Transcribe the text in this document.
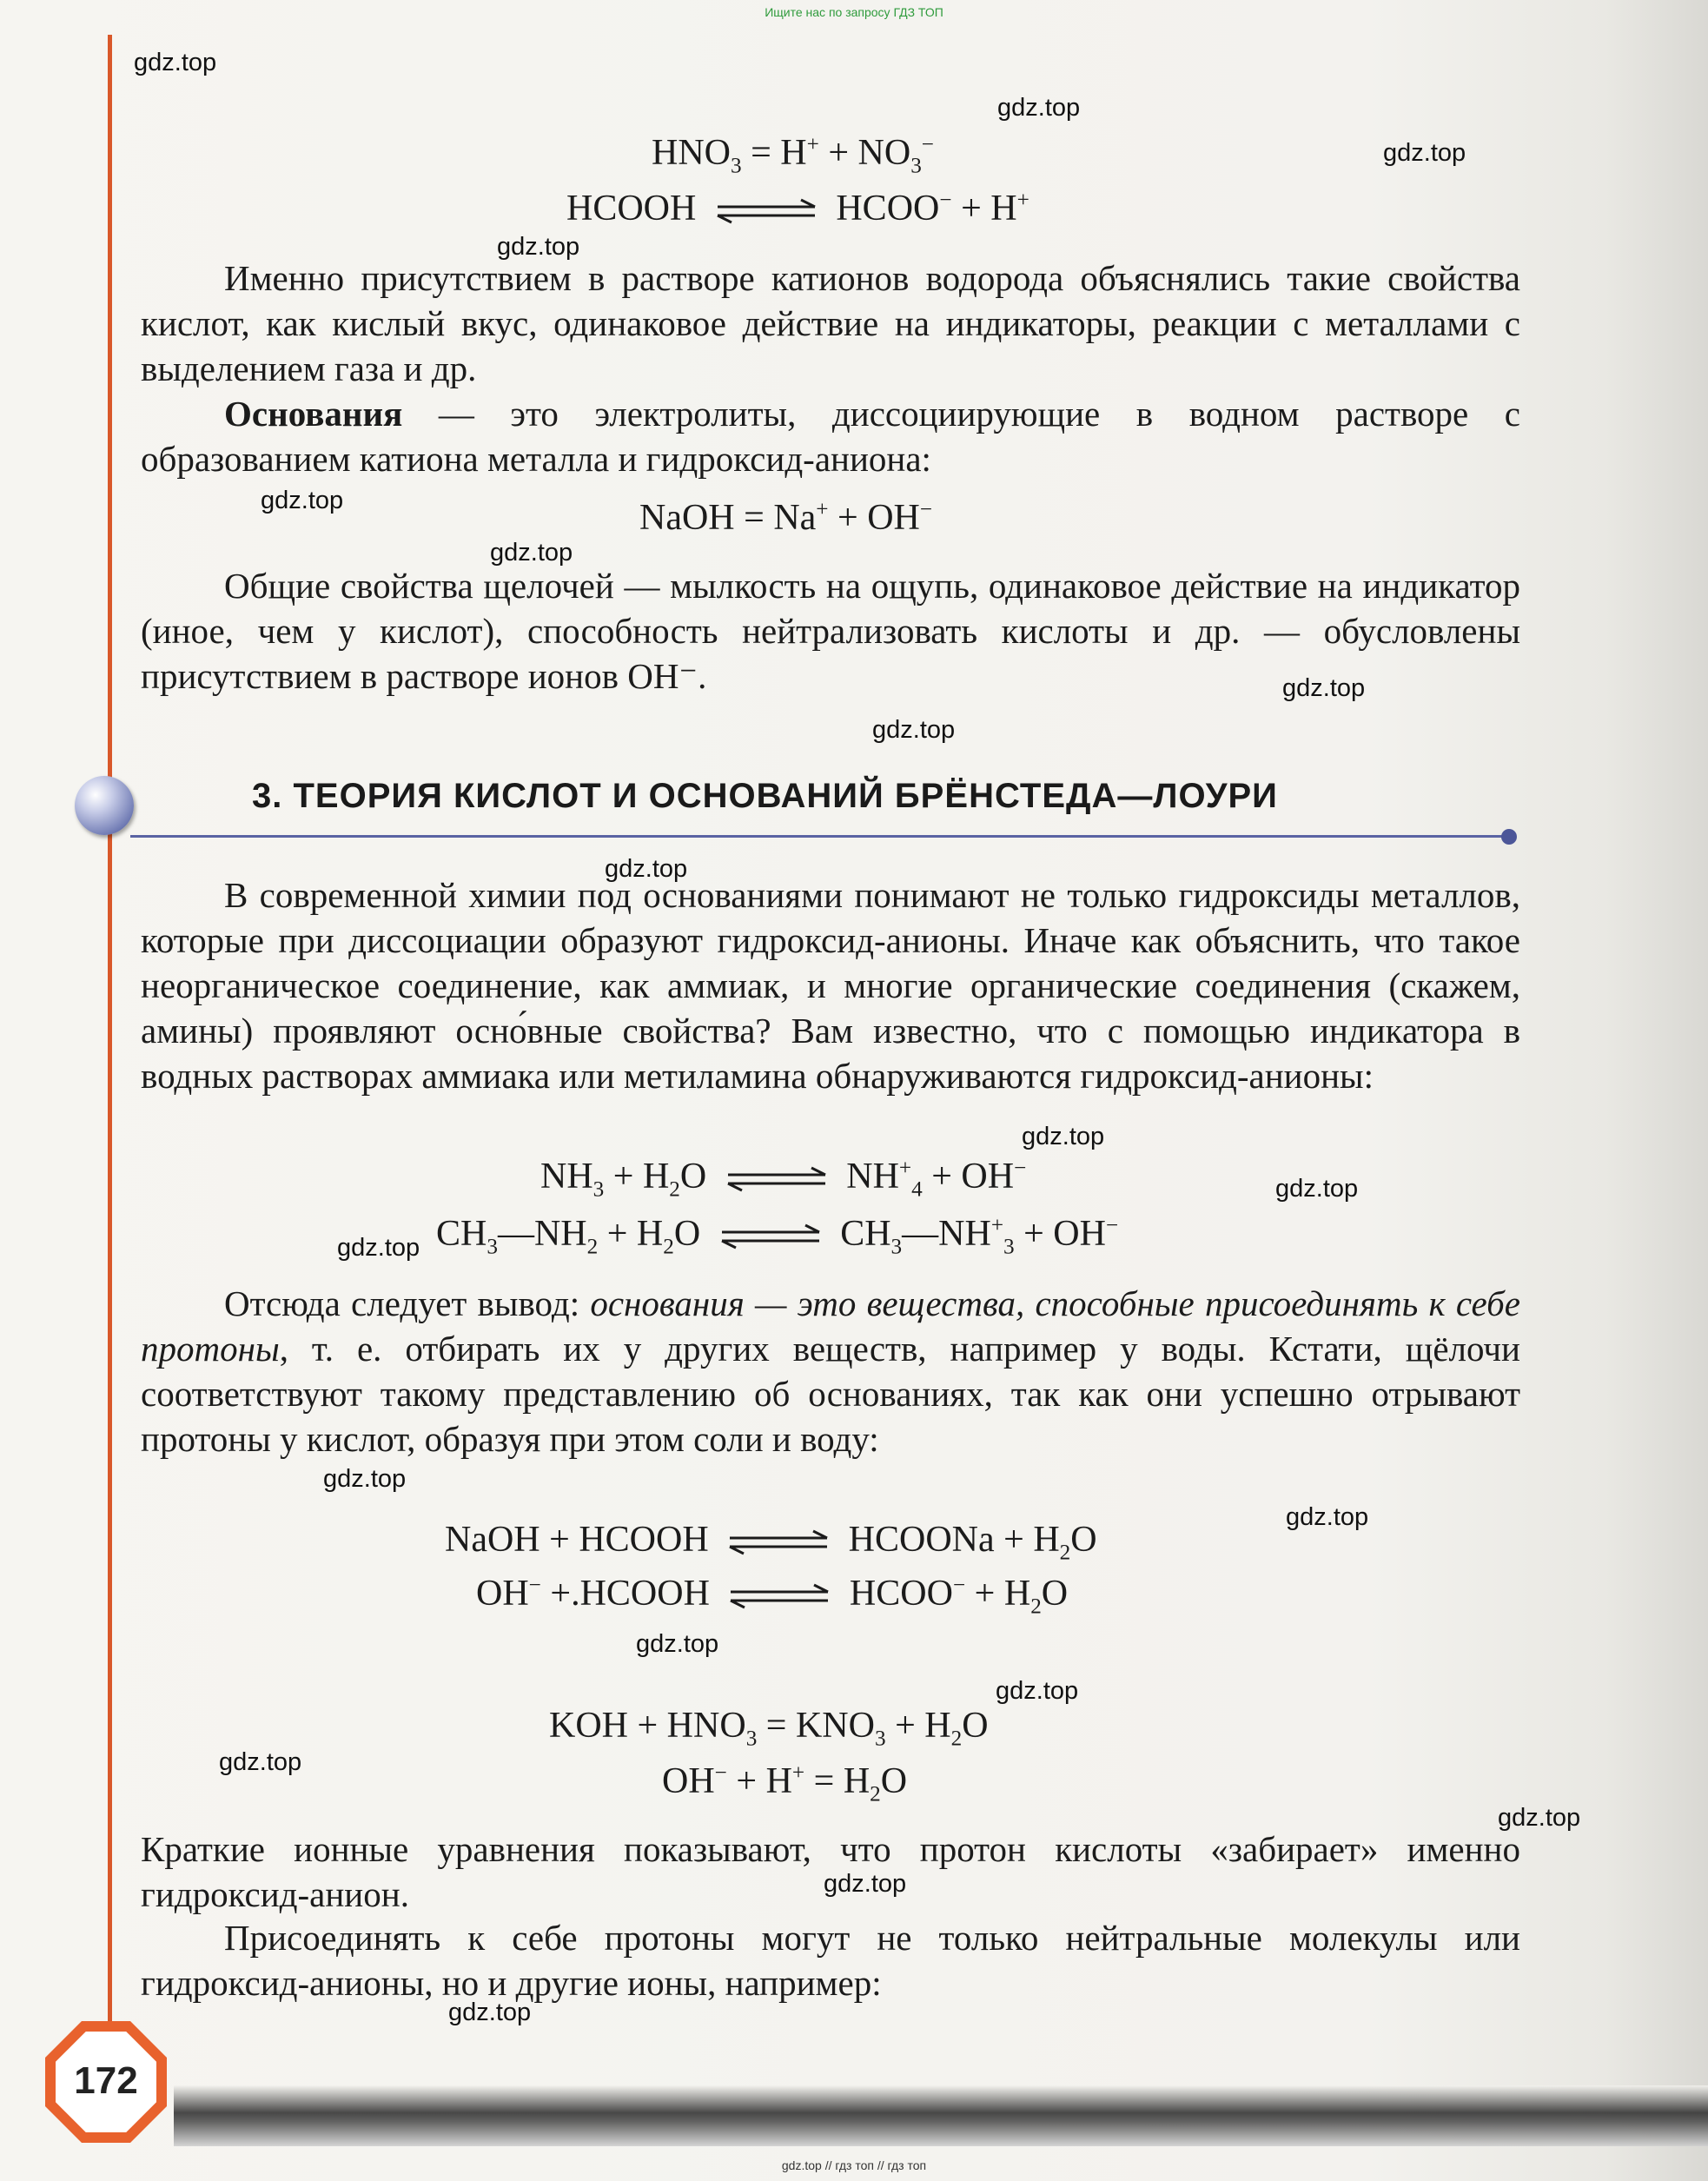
Ищите нас по запросу ГДЗ ТОП
$HNO_3 = H^+ + NO_3^-$
HCOOH ⇌ HCOO− + H+

Именно присутствием в растворе катионов водорода объяснялись такие свойства кислот, как кислый вкус, одинаковое действие на индикаторы, реакции с металлами с выделением газа и др.

Основания — это электролиты, диссоциирующие в водном растворе с образованием катиона металла и гидроксид-аниона:

NaOH = Na+ + OH−

Общие свойства щелочей — мылкость на ощупь, одинаковое действие на индикатор (иное, чем у кислот), способность нейтрализовать кислоты и др. — обусловлены присутствием в растворе ионов OH⁻.

3. ТЕОРИЯ КИСЛОТ И ОСНОВАНИЙ БРЁНСТЕДА—ЛОУРИ

В современной химии под основаниями понимают не только гидроксиды металлов, которые при диссоциации образуют гидроксид-анионы. Иначе как объяснить, что такое неорганическое соединение, как аммиак, и многие органические соединения (скажем, амины) проявляют осно́вные свойства? Вам известно, что с помощью индикатора в водных растворах аммиака или метиламина обнаруживаются гидроксид-анионы:

$NH_3 + H_2O$ ⇌ $NH^+_4 + OH^-$
$CH_3—NH_2 + H_2O$ ⇌ $CH_3—NH^+_3 + OH^-$

Отсюда следует вывод: основания — это вещества, способные присоединять к себе протоны, т. е. отбирать их у других веществ, например у воды. Кстати, щёлочи соответствуют такому представлению об основаниях, так как они успешно отрывают протоны у кислот, образуя при этом соли и воду:

NaOH + HCOOH ⇌ HCOONa + $H_2O$
OH− +.HCOOH ⇌ HCOO− + $H_2O$
KOH + $HNO_3 = KNO_3 + H_2O$
$OH^- + H^+ = H_2O$

Краткие ионные уравнения показывают, что протон кислоты «забирает» именно гидроксид-анион.

Присоединять к себе протоны могут не только нейтральные молекулы или гидроксид-анионы, но и другие ионы, например:

gdz.top
gdz.top
gdz.top
gdz.top
gdz.top
gdz.top
gdz.top
gdz.top
gdz.top
gdz.top
gdz.top
gdz.top
gdz.top
gdz.top
gdz.top
gdz.top
gdz.top
gdz.top
gdz.top
gdz.top
172
gdz.top // гдз топ // гдз топ
